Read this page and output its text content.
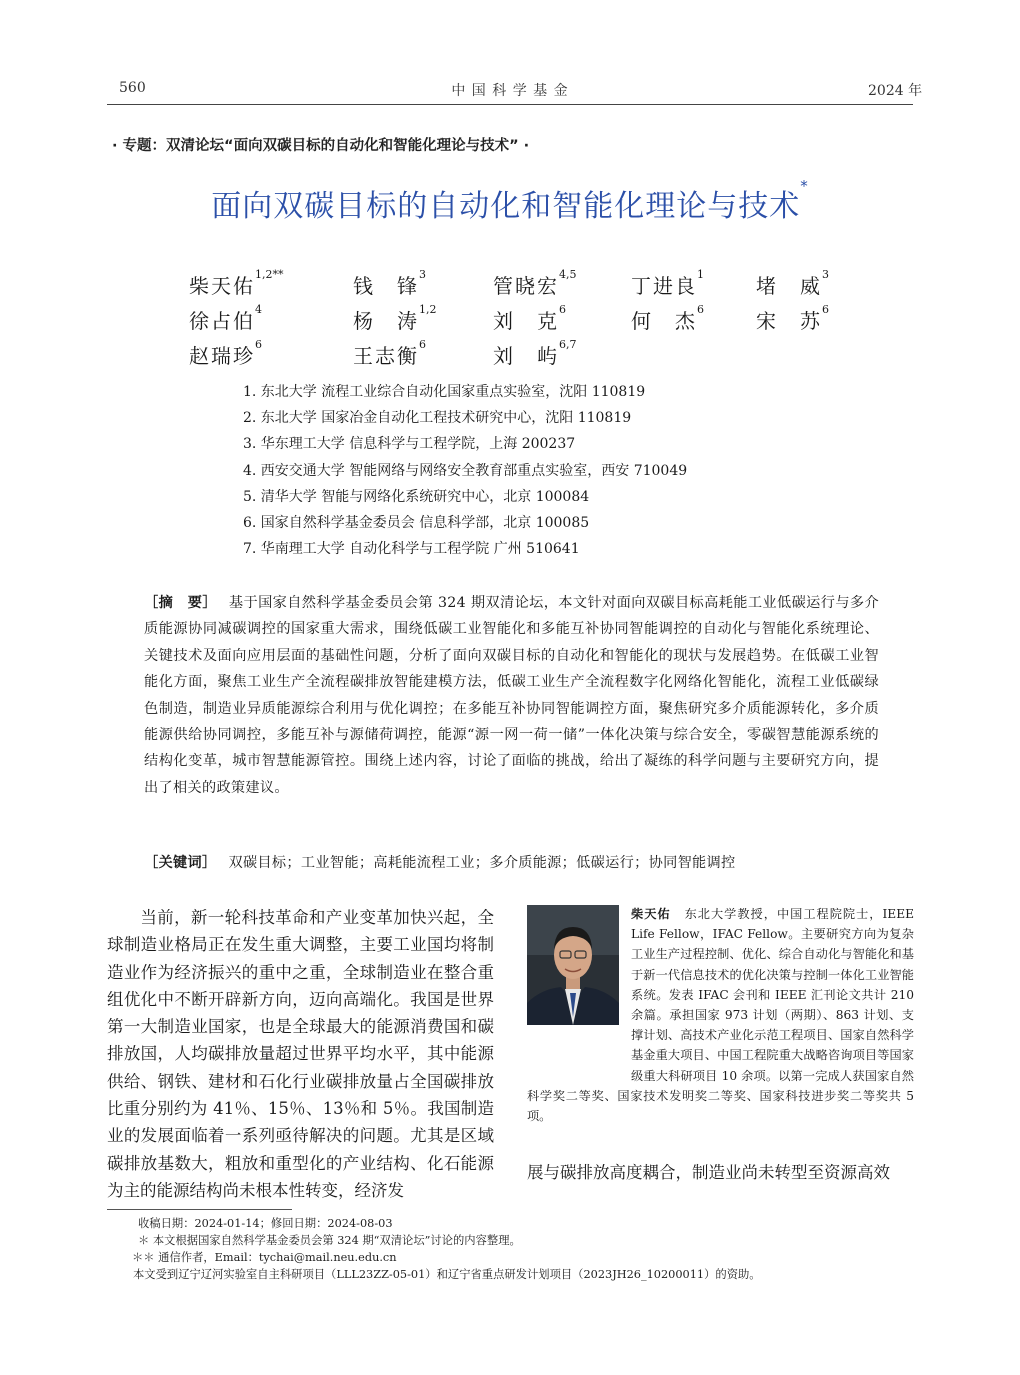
560	中 国 科 学 基 金	2024 年
· 专题：双清论坛“面向双碳目标的自动化和智能化理论与技术” ·
面向双碳目标的自动化和智能化理论与技术*
柴天佑$^{1,2**}$	钱　锋$^3$	管晓宏$^{4,5}$	丁进良$^1$	堵　威$^3$
徐占伯$^4$	杨　涛$^{1,2}$	刘　克$^6$	何　杰$^6$	宋　苏$^6$
赵瑞珍$^6$	王志衡$^6$	刘　屿$^{6,7}$
1. 东北大学 流程工业综合自动化国家重点实验室，沈阳 110819
2. 东北大学 国家冶金自动化工程技术研究中心，沈阳 110819
3. 华东理工大学 信息科学与工程学院，上海 200237
4. 西安交通大学 智能网络与网络安全教育部重点实验室，西安 710049
5. 清华大学 智能与网络化系统研究中心，北京 100084
6. 国家自然科学基金委员会 信息科学部，北京 100085
7. 华南理工大学 自动化科学与工程学院 广州 510641
［摘　要］ 基于国家自然科学基金委员会第 324 期双清论坛，本文针对面向双碳目标高耗能工业低碳运行与多介质能源协同减碳调控的国家重大需求，围绕低碳工业智能化和多能互补协同智能调控的自动化与智能化系统理论、关键技术及面向应用层面的基础性问题，分析了面向双碳目标的自动化和智能化的现状与发展趋势。在低碳工业智能化方面，聚焦工业生产全流程碳排放智能建模方法，低碳工业生产全流程数字化网络化智能化，流程工业低碳绿色制造，制造业异质能源综合利用与优化调控；在多能互补协同智能调控方面，聚焦研究多介质能源转化，多介质能源供给协同调控，多能互补与源储荷调控，能源“源一网一荷一储”一体化决策与综合安全，零碳智慧能源系统的结构化变革，城市智慧能源管控。围绕上述内容，讨论了面临的挑战，给出了凝练的科学问题与主要研究方向，提出了相关的政策建议。
［关键词］ 双碳目标；工业智能；高耗能流程工业；多介质能源；低碳运行；协同智能调控
当前，新一轮科技革命和产业变革加快兴起，全球制造业格局正在发生重大调整，主要工业国均将制造业作为经济振兴的重中之重，全球制造业在整合重组优化中不断开辟新方向，迈向高端化。我国是世界第一大制造业国家，也是全球最大的能源消费国和碳排放国，人均碳排放量超过世界平均水平，其中能源供给、钢铁、建材和石化行业碳排放量占全国碳排放比重分别约为 41％、15％、13％和 5％。我国制造业的发展面临着一系列亟待解决的问题。尤其是区域碳排放基数大，粗放和重型化的产业结构、化石能源为主的能源结构尚未根本性转变，经济发
柴天佑 东北大学教授，中国工程院院士，IEEE Life Fellow，IFAC Fellow。主要研究方向为复杂工业生产过程控制、优化、综合自动化与智能化和基于新一代信息技术的优化决策与控制一体化工业智能系统。发表 IFAC 会刊和 IEEE 汇刊论文共计 210 余篇。承担国家 973 计划（两期）、863 计划、支撑计划、高技术产业化示范工程项目、国家自然科学基金重大项目、中国工程院重大战略咨询项目等国家级重大科研项目 10 余项。以第一完成人获国家自然科学奖二等奖、国家技术发明奖二等奖、国家科技进步奖二等奖共 5 项。
展与碳排放高度耦合，制造业尚未转型至资源高效
收稿日期：2024-01-14；修回日期：2024-08-03
＊ 本文根据国家自然科学基金委员会第 324 期“双清论坛”讨论的内容整理。
＊＊ 通信作者，Email：tychai@mail.neu.edu.cn
本文受到辽宁辽河实验室自主科研项目（LLL23ZZ-05-01）和辽宁省重点研发计划项目（2023JH26_10200011）的资助。
